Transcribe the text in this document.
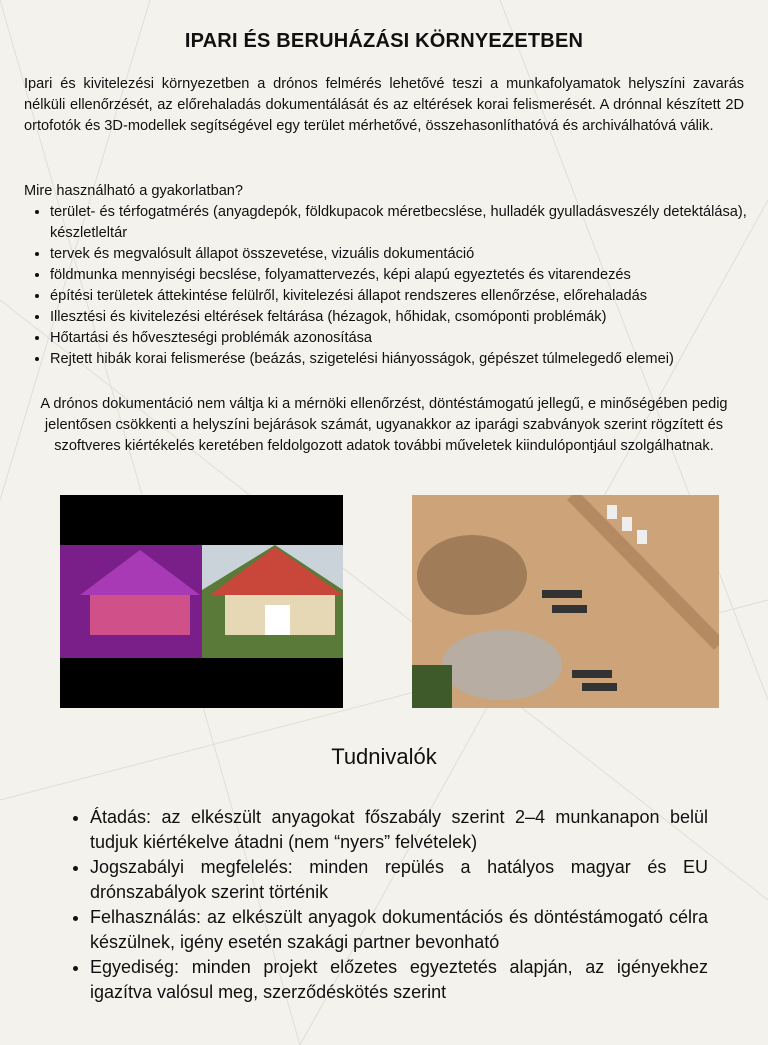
IPARI ÉS BERUHÁZÁSI KÖRNYEZETBEN

Ipari és kivitelezési környezetben a drónos felmérés lehetővé teszi a munkafolyamatok helyszíni zavarás nélküli ellenőrzését, az előrehaladás dokumentálását és az eltérések korai felismerését. A drónnal készített 2D ortofotók és 3D-modellek segítségével egy terület mérhetővé, összehasonlíthatóvá és archiválhatóvá válik.

Mire használható a gyakorlatban?

• terület- és térfogatmérés (anyagdepók, földkupacok méretbecslése, hulladék gyulladásveszély detektálása), készletleltár
• tervek és megvalósult állapot összevetése, vizuális dokumentáció
• földmunka mennyiségi becslése, folyamattervezés, képi alapú egyeztetés és vitarendezés
• építési területek áttekintése felülről, kivitelezési állapot rendszeres ellenőrzése, előrehaladás
• Illesztési és kivitelezési eltérések feltárása (hézagok, hőhidak, csomóponti problémák)
• Hőtartási és hőveszteségi problémák azonosítása
• Rejtett hibák korai felismerése (beázás, szigetelési hiányosságok, gépészet túlmelegedő elemei)

A drónos dokumentáció nem váltja ki a mérnöki ellenőrzést, döntéstámogatú jellegű, e minőségében pedig jelentősen csökkenti a helyszíni bejárások számát, ugyanakkor az iparági szabványok szerint rögzített és szoftveres kiértékelés keretében feldolgozott adatok további műveletek kiindulópontjául szolgálhatnak.

Tudnivalók
• Átadás: az elkészült anyagokat főszabály szerint 2–4 munkanapon belül tudjuk kiértékelve átadni (nem “nyers” felvételek)
• Jogszabályi megfelelés: minden repülés a hatályos magyar és EU drónszabályok szerint történik
• Felhasználás: az elkészült anyagok dokumentációs és döntéstámogató célra készülnek, igény esetén szakági partner bevonható
• Egyediség: minden projekt előzetes egyeztetés alapján, az igényekhez igazítva valósul meg, szerződéskötés szerint
